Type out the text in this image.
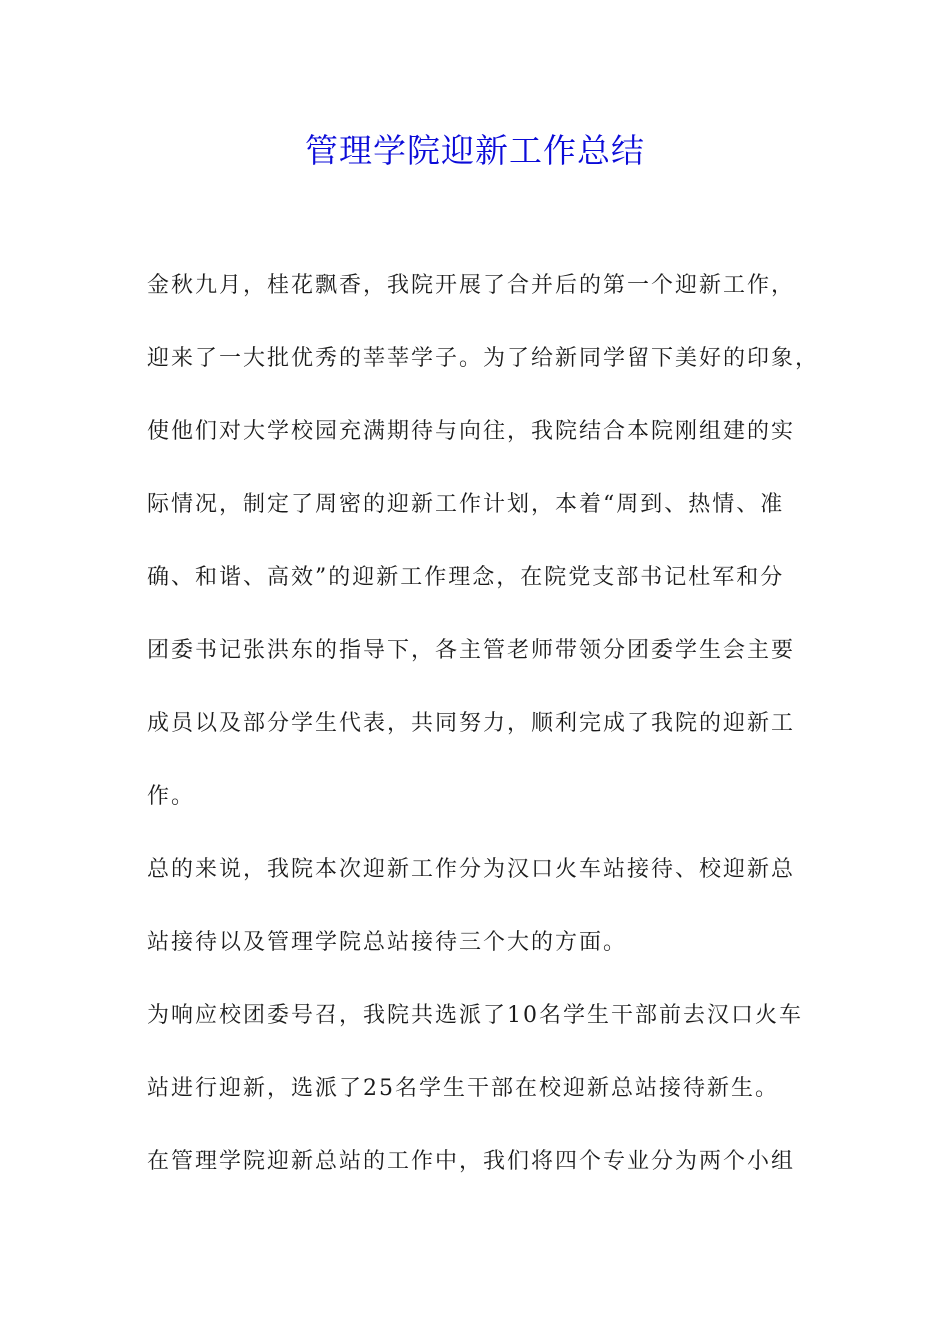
管理学院迎新工作总结
金秋九月，桂花飘香，我院开展了合并后的第一个迎新工作，
迎来了一大批优秀的莘莘学子。为了给新同学留下美好的印象，
使他们对大学校园充满期待与向往，我院结合本院刚组建的实
际情况，制定了周密的迎新工作计划，本着“周到、热情、准
确、和谐、高效”的迎新工作理念，在院党支部书记杜军和分
团委书记张洪东的指导下，各主管老师带领分团委学生会主要
成员以及部分学生代表，共同努力，顺利完成了我院的迎新工
作。
总的来说，我院本次迎新工作分为汉口火车站接待、校迎新总
站接待以及管理学院总站接待三个大的方面。
为响应校团委号召，我院共选派了10名学生干部前去汉口火车
站进行迎新，选派了25名学生干部在校迎新总站接待新生。
在管理学院迎新总站的工作中，我们将四个专业分为两个小组
